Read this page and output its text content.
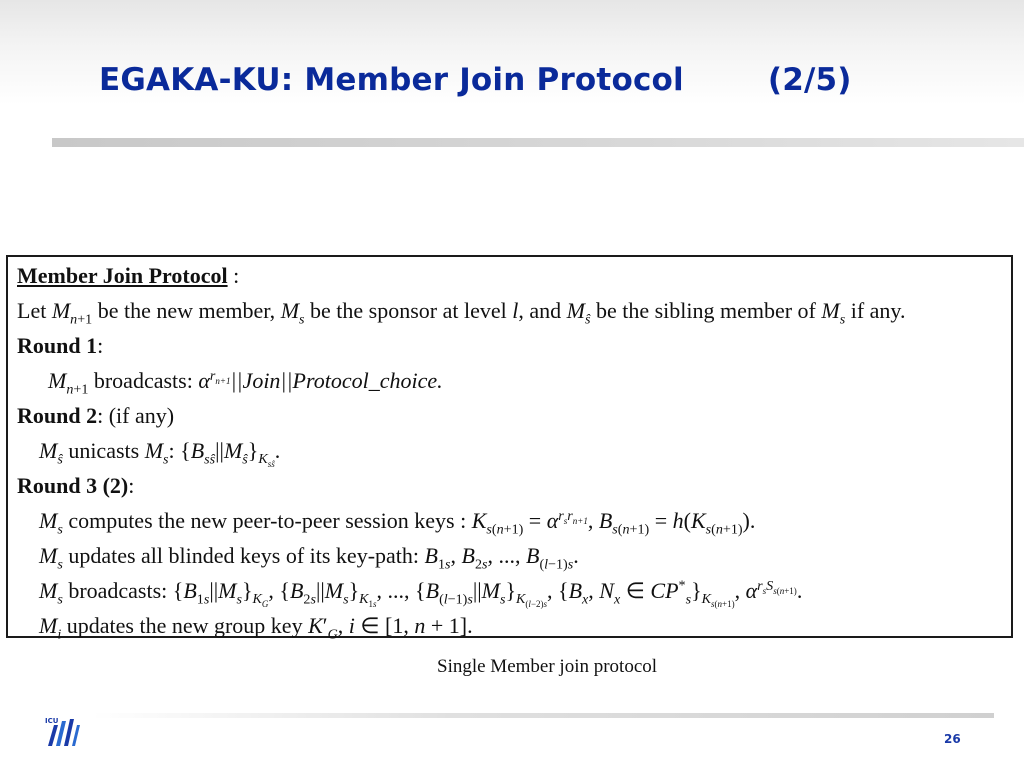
EGAKA-KU: Member Join Protocol	(2/5)
Member Join Protocol :
Let $M_{n+1}$ be the new member, $M_s$ be the sponsor at level l, and $M_ŝ$ be the sibling member of $M_s$ if any.
Round 1:
$M_{n+1}$ broadcasts: $\alpha^{r_{n+1}}||Join||Protocol\_choice$.
Round 2: (if any)
$M_ŝ$ unicasts $M_s$: $\{B_{sŝ}||M_ŝ\}_{K_{sŝ}}$.
Round 3 (2):
$M_s$ computes the new peer-to-peer session keys : $K_{s(n+1)} = \alpha^{r_sr_{n+1}}$, $B_{s(n+1)} = h(K_{s(n+1)})$.
$M_s$ updates all blinded keys of its key-path: $B_{1s}$, $B_{2s}$, ..., $B_{(l-1)s}$.
$M_s$ broadcasts: $\{B_{1s}||M_s\}_{K_G}$, $\{B_{2s}||M_s\}_{K_{1s}}$, ..., $\{B_{(l-1)s}||M_s\}_{K_{(l-2)s}}$, {$B_x$, $N_x$ ∈ $CP^*_s\}_{K_{s(n+1)}}$, $\alpha^{r_sS_{s(n+1)}}$.
$M_i$ updates the new group key $K'_G$, i ∈ [1, n + 1].
Single Member join protocol
ICU
26
